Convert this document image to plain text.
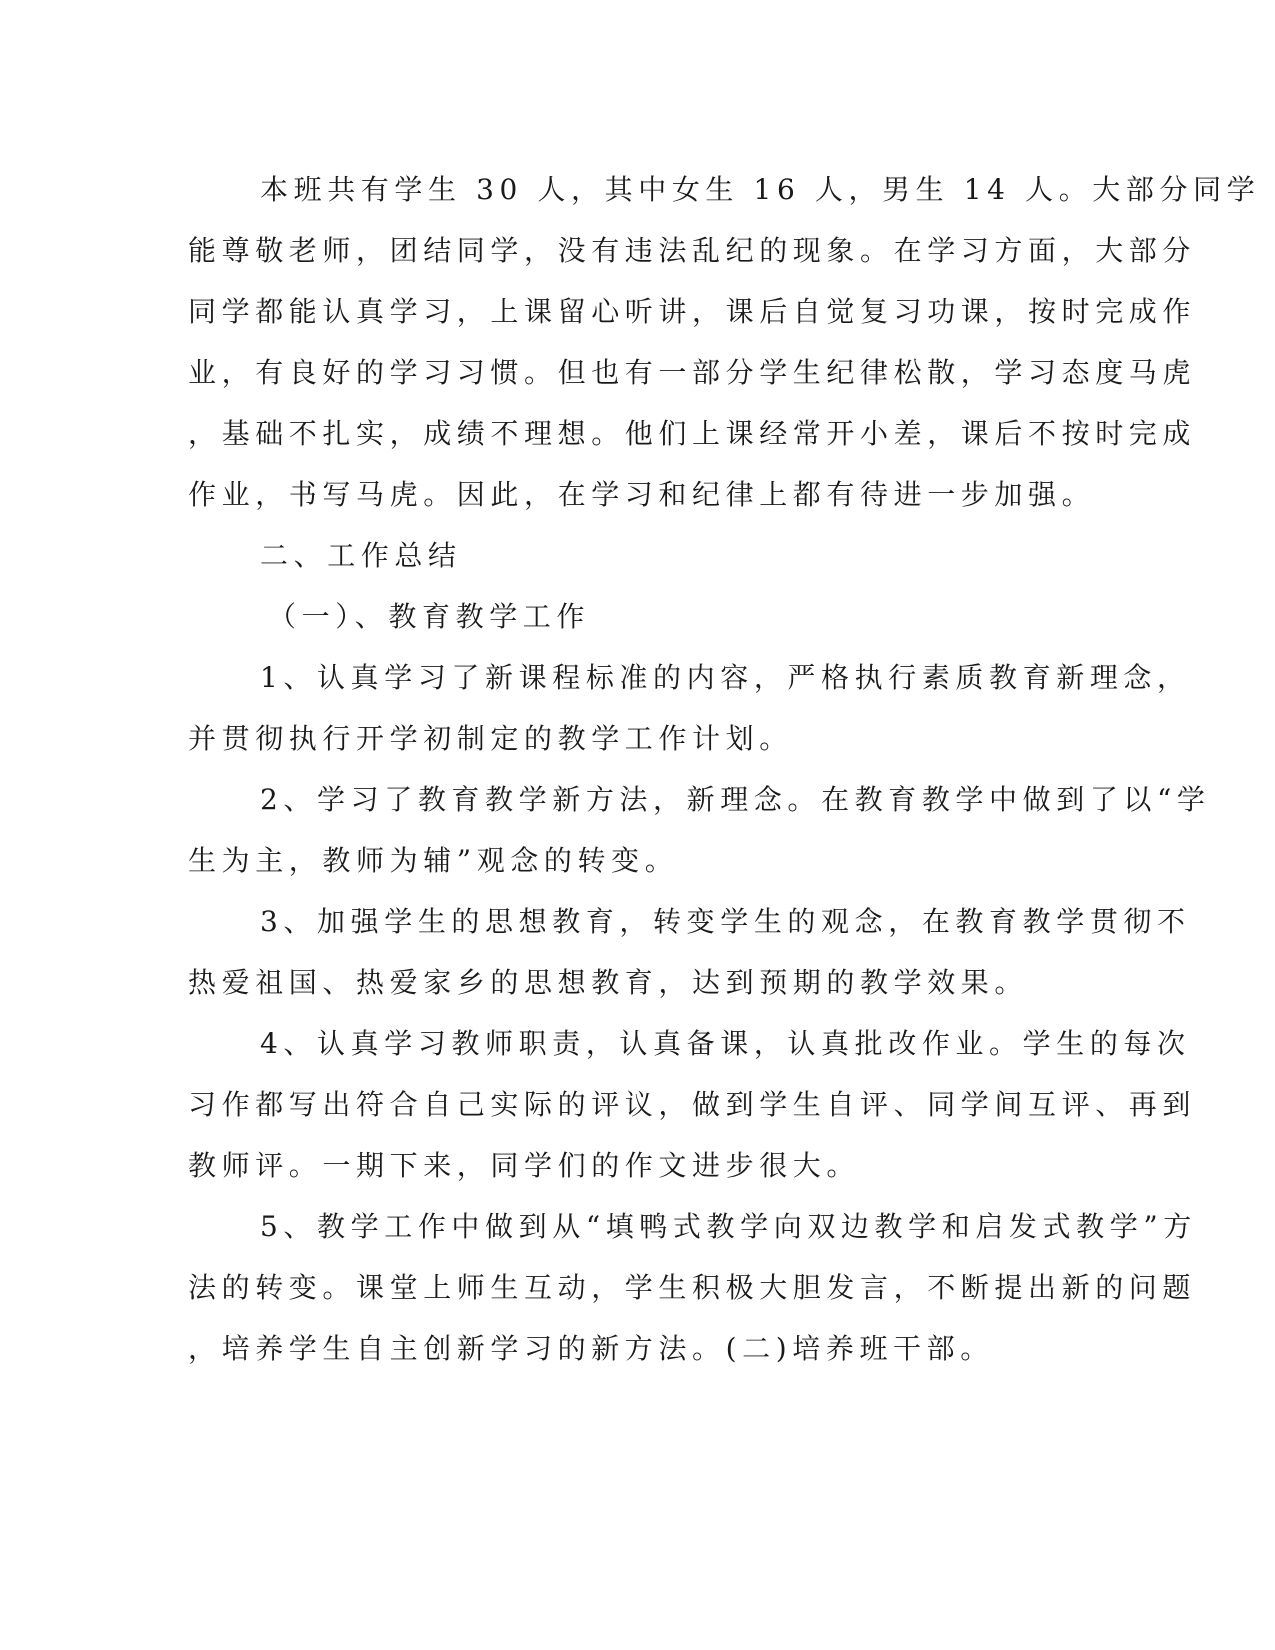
本班共有学生 30 人，其中女生 16 人，男生 14 人。大部分同学

能尊敬老师，团结同学，没有违法乱纪的现象。在学习方面，大部分

同学都能认真学习，上课留心听讲，课后自觉复习功课，按时完成作

业，有良好的学习习惯。但也有一部分学生纪律松散，学习态度马虎

，基础不扎实，成绩不理想。他们上课经常开小差，课后不按时完成

作业，书写马虎。因此，在学习和纪律上都有待进一步加强。

二、工作总结

（一）、教育教学工作

1、认真学习了新课程标准的内容，严格执行素质教育新理念，

并贯彻执行开学初制定的教学工作计划。

2、学习了教育教学新方法，新理念。在教育教学中做到了以“学

生为主，教师为辅”观念的转变。

3、加强学生的思想教育，转变学生的观念，在教育教学贯彻不

热爱祖国、热爱家乡的思想教育，达到预期的教学效果。

4、认真学习教师职责，认真备课，认真批改作业。学生的每次

习作都写出符合自己实际的评议，做到学生自评、同学间互评、再到

教师评。一期下来，同学们的作文进步很大。

5、教学工作中做到从“填鸭式教学向双边教学和启发式教学”方

法的转变。课堂上师生互动，学生积极大胆发言，不断提出新的问题

，培养学生自主创新学习的新方法。(二)培养班干部。
